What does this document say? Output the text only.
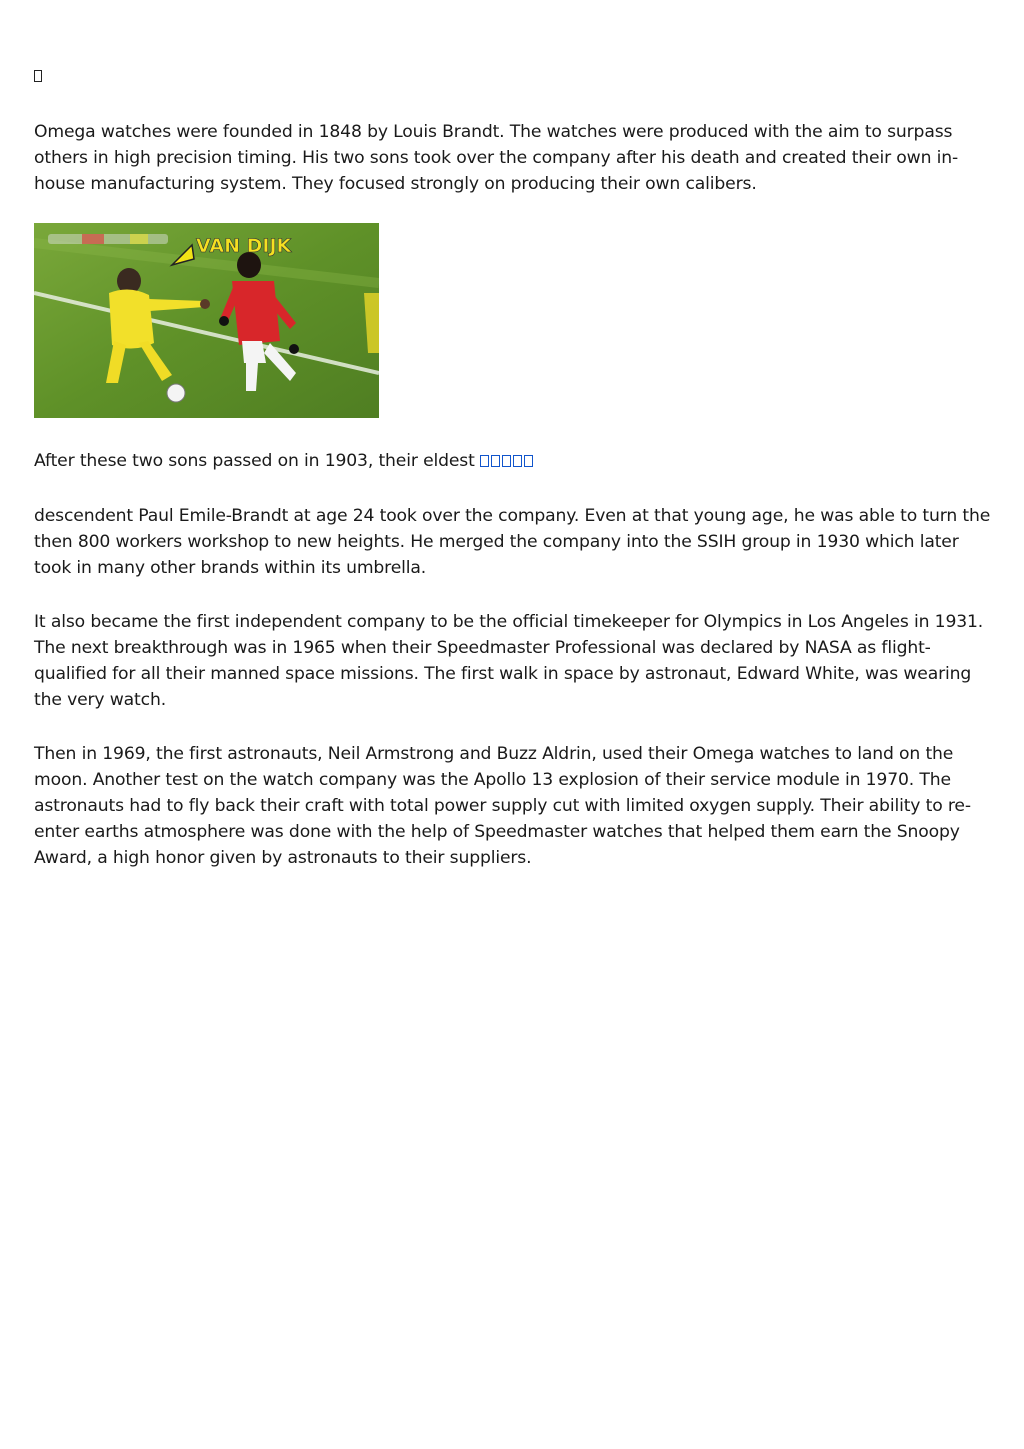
Omega watches were founded in 1848 by Louis Brandt. The watches were produced with the aim to surpass others in high precision timing. His two sons took over the company after his death and created their own in-house manufacturing system. They focused strongly on producing their own calibers.

VAN DIJK

After these two sons passed on in 1903, their eldest

descendent Paul Emile-Brandt at age 24 took over the company. Even at that young age, he was able to turn the then 800 workers workshop to new heights. He merged the company into the SSIH group in 1930 which later took in many other brands within its umbrella.

It also became the first independent company to be the official timekeeper for Olympics in Los Angeles in 1931. The next breakthrough was in 1965 when their Speedmaster Professional was declared by NASA as flight-qualified for all their manned space missions. The first walk in space by astronaut, Edward White, was wearing the very watch.

Then in 1969, the first astronauts, Neil Armstrong and Buzz Aldrin, used their Omega watches to land on the moon. Another test on the watch company was the Apollo 13 explosion of their service module in 1970. The astronauts had to fly back their craft with total power supply cut with limited oxygen supply. Their ability to re-enter earths atmosphere was done with the help of Speedmaster watches that helped them earn the Snoopy Award, a high honor given by astronauts to their suppliers.
